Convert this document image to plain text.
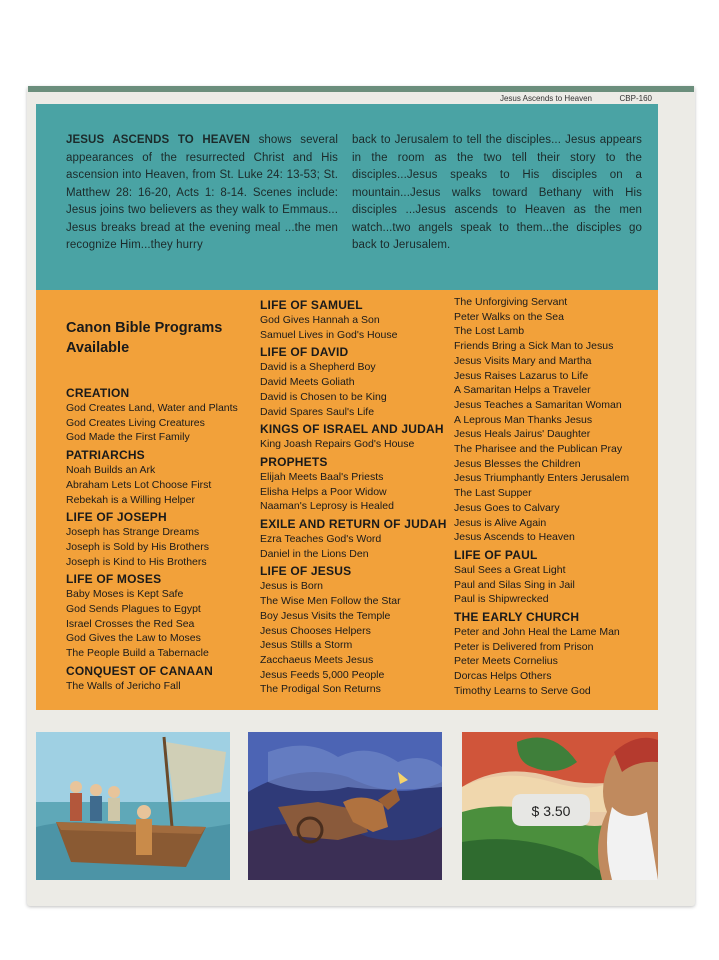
Jesus Ascends to Heaven	CBP-160

JESUS ASCENDS TO HEAVEN shows several appearances of the resurrected Christ and His ascension into Heaven, from St. Luke 24: 13-53; St. Matthew 28: 16-20, Acts 1: 8-14. Scenes include: Jesus joins two believers as they walk to Emmaus... Jesus breaks bread at the evening meal ...the men recognize Him...they hurry

back to Jerusalem to tell the disciples... Jesus appears in the room as the two tell their story to the disciples...Jesus speaks to His disciples on a mountain...Jesus walks toward Bethany with His disciples ...Jesus ascends to Heaven as the men watch...two angels speak to them...the disciples go back to Jerusalem.

Canon Bible Programs Available
CREATION
God Creates Land, Water and Plants
God Creates Living Creatures
God Made the First Family
PATRIARCHS
Noah Builds an Ark
Abraham Lets Lot Choose First
Rebekah is a Willing Helper
LIFE OF JOSEPH
Joseph has Strange Dreams
Joseph is Sold by His Brothers
Joseph is Kind to His Brothers
LIFE OF MOSES
Baby Moses is Kept Safe
God Sends Plagues to Egypt
Israel Crosses the Red Sea
God Gives the Law to Moses
The People Build a Tabernacle
CONQUEST OF CANAAN
The Walls of Jericho Fall
LIFE OF SAMUEL
God Gives Hannah a Son
Samuel Lives in God's House
LIFE OF DAVID
David is a Shepherd Boy
David Meets Goliath
David is Chosen to be King
David Spares Saul's Life
KINGS OF ISRAEL AND JUDAH
King Joash Repairs God's House
PROPHETS
Elijah Meets Baal's Priests
Elisha Helps a Poor Widow
Naaman's Leprosy is Healed
EXILE AND RETURN OF JUDAH
Ezra Teaches God's Word
Daniel in the Lions Den
LIFE OF JESUS
Jesus is Born
The Wise Men Follow the Star
Boy Jesus Visits the Temple
Jesus Chooses Helpers
Jesus Stills a Storm
Zacchaeus Meets Jesus
Jesus Feeds 5,000 People
The Prodigal Son Returns
The Unforgiving Servant
Peter Walks on the Sea
The Lost Lamb
Friends Bring a Sick Man to Jesus
Jesus Visits Mary and Martha
Jesus Raises Lazarus to Life
A Samaritan Helps a Traveler
Jesus Teaches a Samaritan Woman
A Leprous Man Thanks Jesus
Jesus Heals Jairus' Daughter
The Pharisee and the Publican Pray
Jesus Blesses the Children
Jesus Triumphantly Enters Jerusalem
The Last Supper
Jesus Goes to Calvary
Jesus is Alive Again
Jesus Ascends to Heaven
LIFE OF PAUL
Saul Sees a Great Light
Paul and Silas Sing in Jail
Paul is Shipwrecked
THE EARLY CHURCH
Peter and John Heal the Lame Man
Peter is Delivered from Prison
Peter Meets Cornelius
Dorcas Helps Others
Timothy Learns to Serve God
$ 3.50
